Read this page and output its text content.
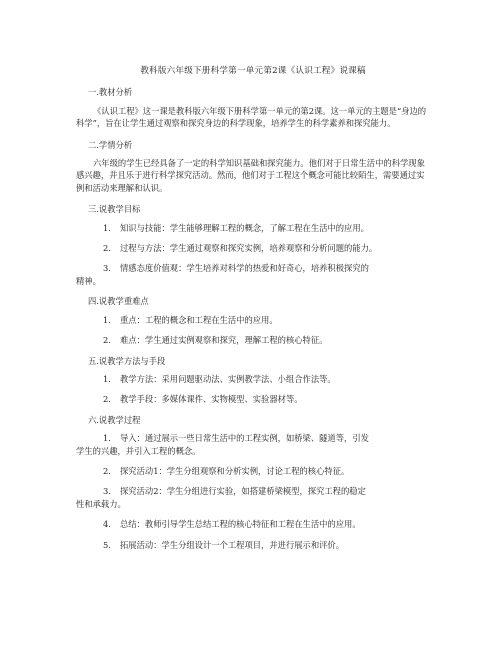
教科版六年级下册科学第一单元第2课《认识工程》说课稿
一.教材分析
《认识工程》这一课是教科版六年级下册科学第一单元的第2课。这一单元的主题是“身边的科学”，旨在让学生通过观察和探究身边的科学现象，培养学生的科学素养和探究能力。
二.学情分析
六年级的学生已经具备了一定的科学知识基础和探究能力。他们对于日常生活中的科学现象感兴趣，并且乐于进行科学探究活动。然而，他们对于工程这个概念可能比较陌生，需要通过实例和活动来理解和认识。
三.说教学目标
1. 知识与技能：学生能够理解工程的概念，了解工程在生活中的应用。
2. 过程与方法：学生通过观察和探究实例，培养观察和分析问题的能力。
3. 情感态度价值观：学生培养对科学的热爱和好奇心，培养积极探究的
精神。
四.说教学重难点
1. 重点：工程的概念和工程在生活中的应用。
2. 难点：学生通过实例观察和探究，理解工程的核心特征。
五.说教学方法与手段
1. 教学方法：采用问题驱动法、实例教学法、小组合作法等。
2. 教学手段：多媒体课件、实物模型、实验器材等。
六.说教学过程
1. 导入：通过展示一些日常生活中的工程实例，如桥梁、隧道等，引发
学生的兴趣，并引入工程的概念。
2. 探究活动1：学生分组观察和分析实例，讨论工程的核心特征。
3. 探究活动2：学生分组进行实验，如搭建桥梁模型，探究工程的稳定
性和承载力。
4. 总结：教师引导学生总结工程的核心特征和工程在生活中的应用。
5. 拓展活动：学生分组设计一个工程项目，并进行展示和评价。
